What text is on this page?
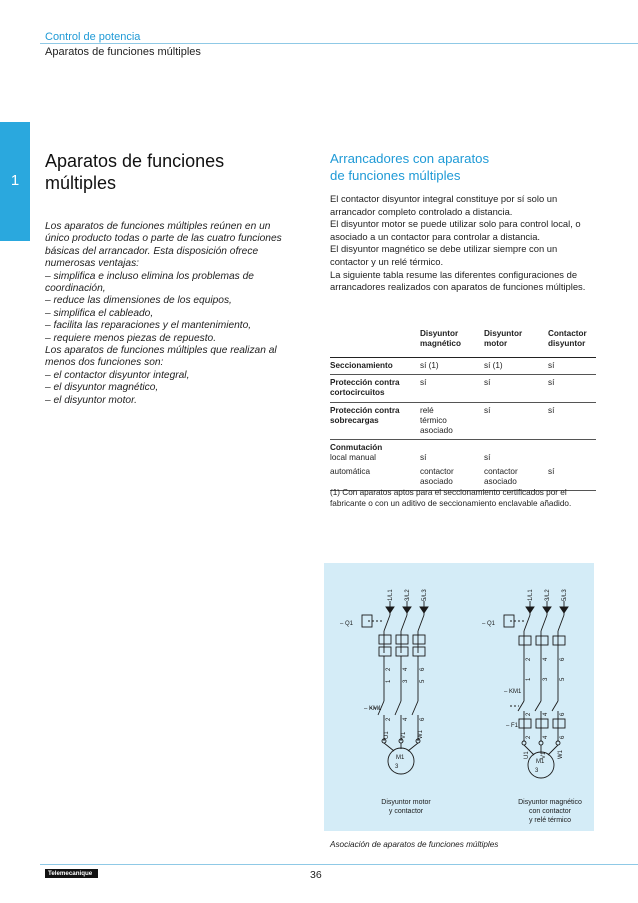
Control de potencia
Aparatos de funciones múltiples
1
Aparatos de funciones
múltiples
Los aparatos de funciones múltiples reúnen en un
único producto todas o parte de las cuatro funciones
básicas del arrancador. Esta disposición ofrece
numerosas ventajas:
– simplifica e incluso elimina los problemas de
coordinación,
– reduce las dimensiones de los equipos,
– simplifica el cableado,
– facilita las reparaciones y el mantenimiento,
– requiere menos piezas de repuesto.
Los aparatos de funciones múltiples que realizan al
menos dos funciones son:
– el contactor disyuntor integral,
– el disyuntor magnético,
– el disyuntor motor.
Arrancadores con aparatos
de funciones múltiples
El contactor disyuntor integral constituye por sí solo un
arrancador completo controlado a distancia.
El disyuntor motor se puede utilizar solo para control local, o
asociado a un contactor para controlar a distancia.
El disyuntor magnético se debe utilizar siempre con un
contactor y un relé térmico.
La siguiente tabla resume las diferentes configuraciones de
arrancadores realizados con aparatos de funciones múltiples.
	Disyuntor
magnético	Disyuntor
motor	Contactor
disyuntor
Seccionamiento	sí (1)	sí (1)	sí
Protección contra
cortocircuitos	sí	sí	sí
Protección contra
sobrecargas	relé
térmico
asociado	sí	sí
Conmutación			
local manual	sí	sí	
automática	contactor
asociado	contactor
asociado	sí

(1) Con aparatos aptos para el seccionamiento certificados por el
fabricante o con un aditivo de seccionamiento enclavable añadido.
1/L1 3/L2 5/L3
– Q1
1 3 5
2 4 6
2 4 6
– KM1
U1 V1 W1
M1
3
1/L1 3/L2 5/L3
– Q1
2 4 6
1 3 5
2 4 6
2 4 6
– KM1
– F1
U1 V1 W1
M1
3
Disyuntor motor
y contactor
Disyuntor magnético
con contactor
y relé térmico
Asociación de aparatos de funciones múltiples
Telemecanique	36
